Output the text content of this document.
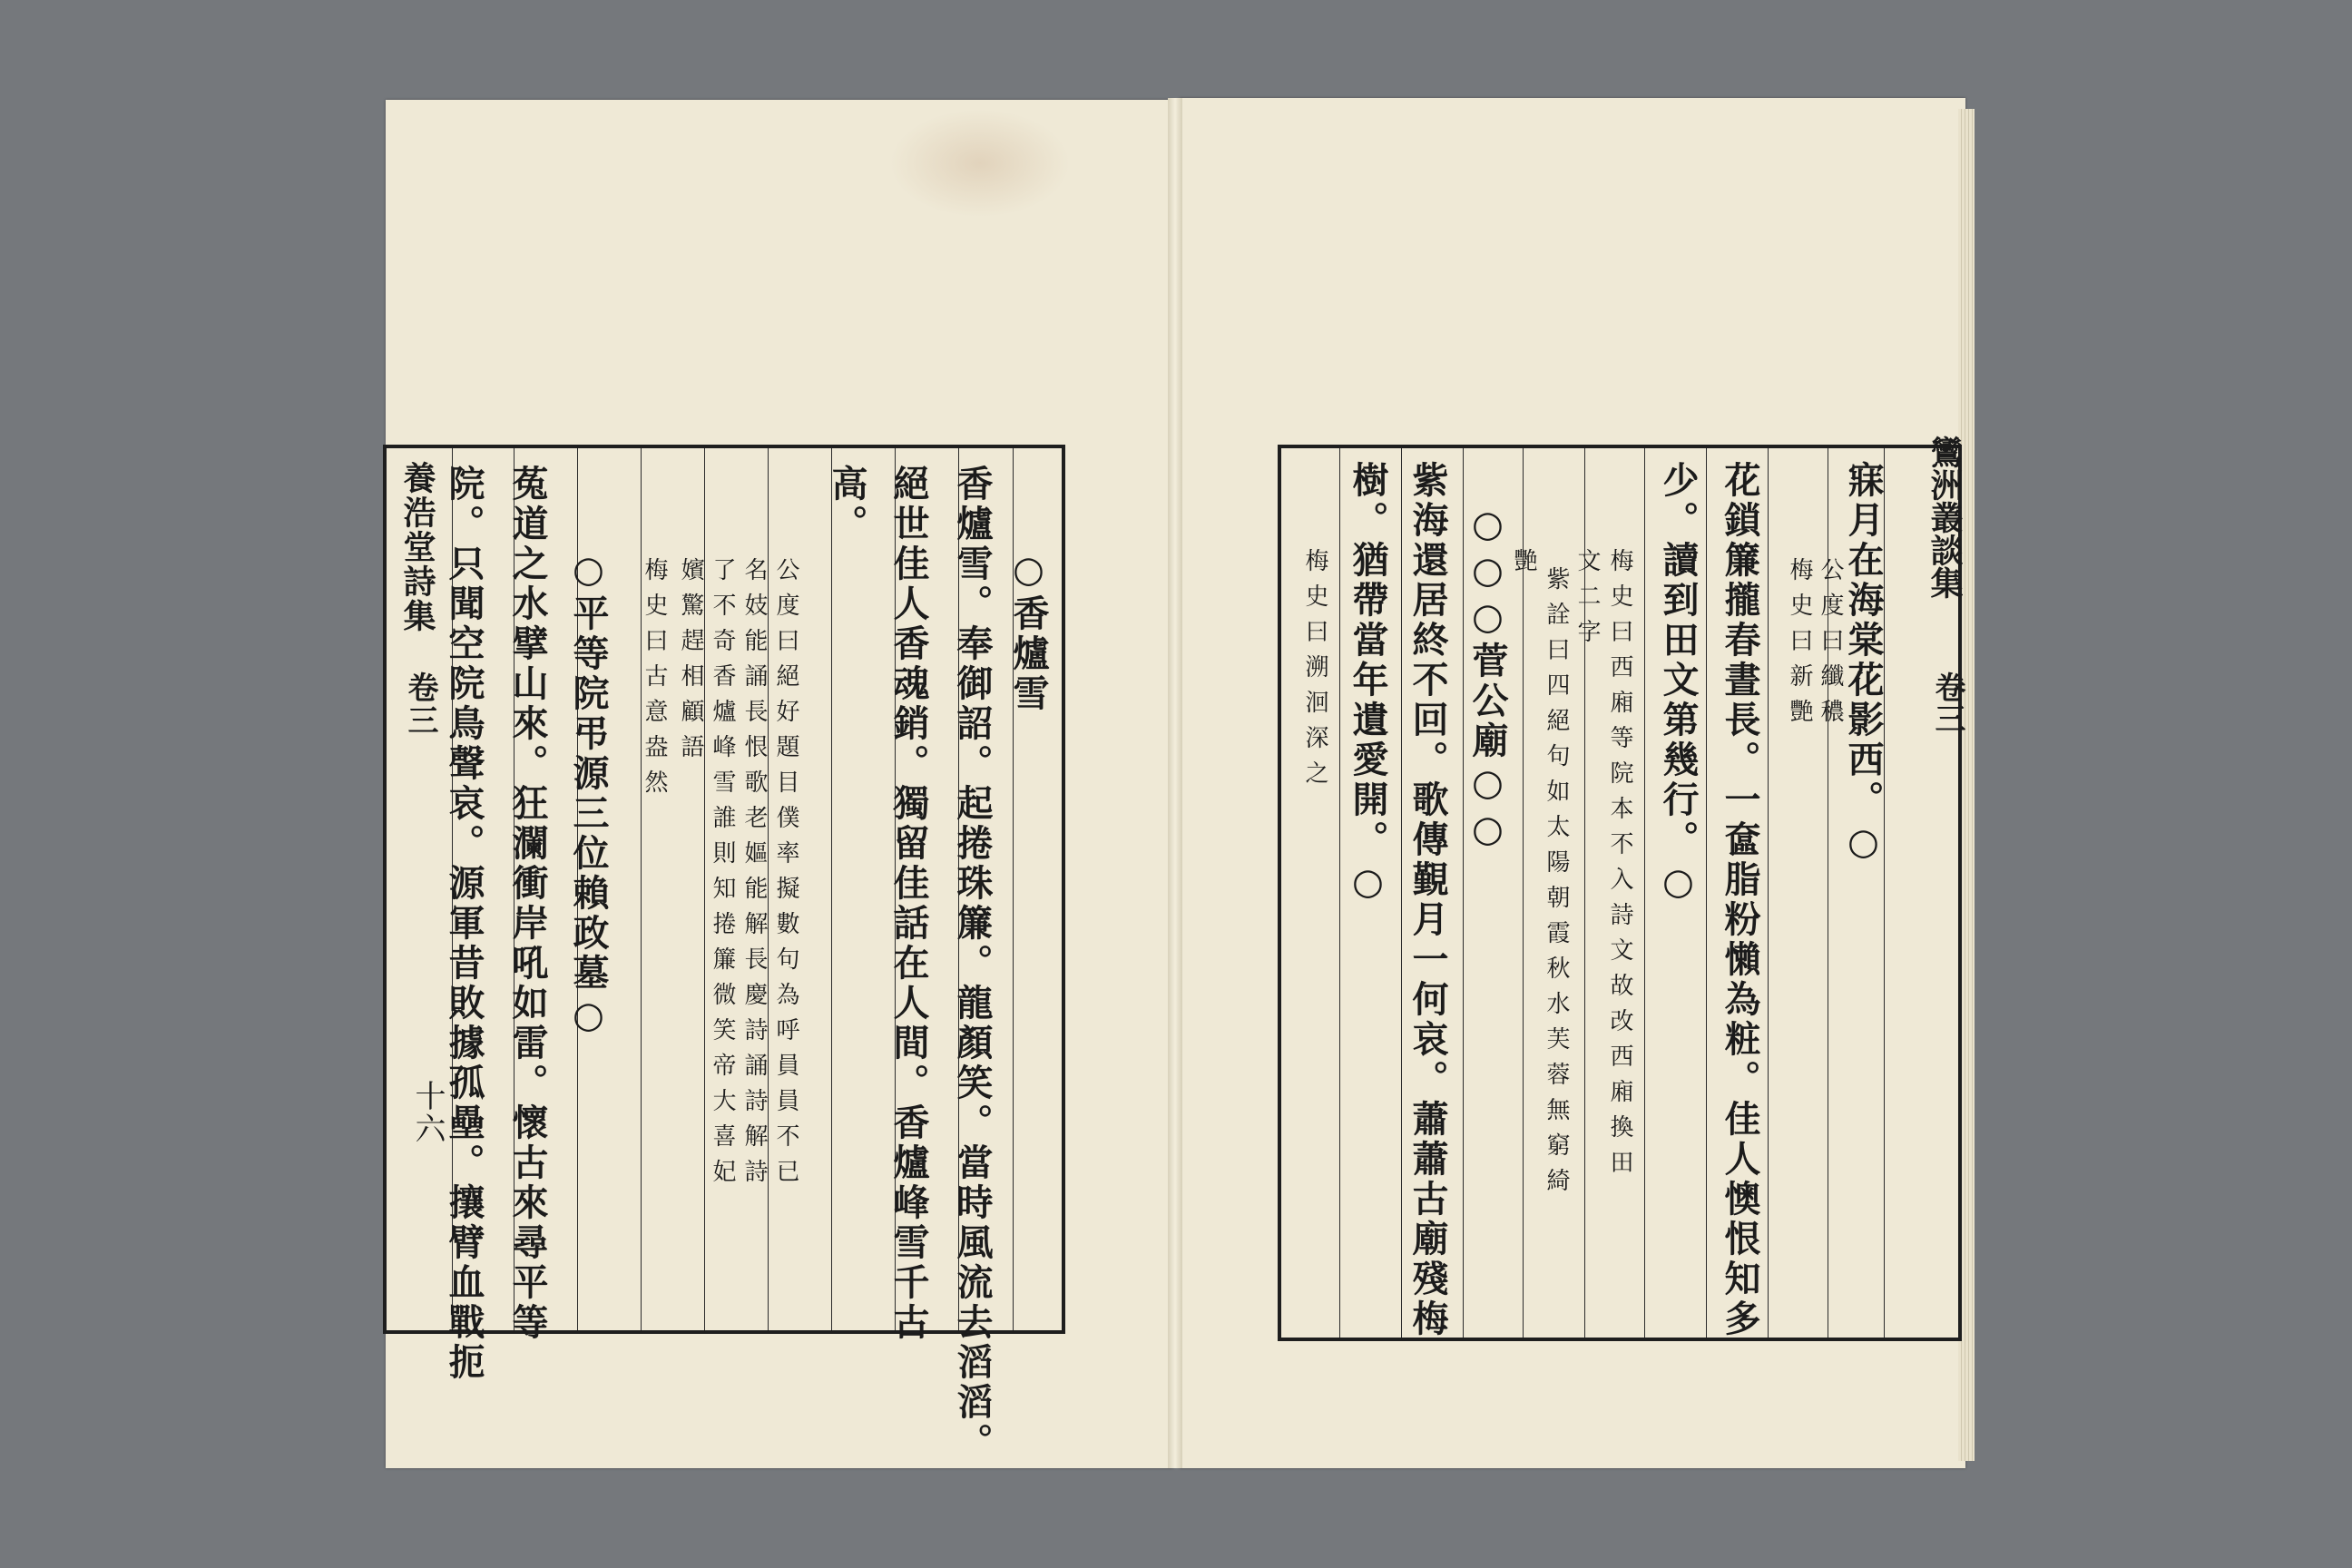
○香爐雪
香爐雪。奉御詔。起捲珠簾。龍顏笑。當時風流去滔滔。
絕世佳人香魂銷。獨留佳話在人間。香爐峰雪千古
高。
公度曰絕好題目僕率擬數句為呼員員不已
名妓能誦長恨歌老嫗能解長慶詩誦詩解詩
了不奇香爐峰雪誰則知捲簾微笑帝大喜妃
嬪驚趕相顧語
梅史曰古意盎然
○平等院弔源三位賴政墓○
菟道之水擘山來。狂瀾衝岸吼如雷。懷古來尋平等
院。只聞空院鳥聲哀。源軍昔敗據孤壘。攘臂血戰扼
養浩堂詩集
卷三
十六
寐月在海棠花影西。○
公度曰纖穠
梅史曰新艷
花鎖簾攏春晝長。一奩脂粉懶為粧。佳人懊恨知多
少。讀到田文第幾行。○
梅史曰西廂等院本不入詩文故改西廂換田
文二字
紫詮曰四絕句如太陽朝霞秋水芙蓉無窮綺
艷
○○○菅公廟○○
紫海還居終不回。歌傳覲月一何哀。蕭蕭古廟殘梅
樹。猶帶當年遺愛開。○
梅史曰溯洄深之
鸞洲叢談集
卷三
